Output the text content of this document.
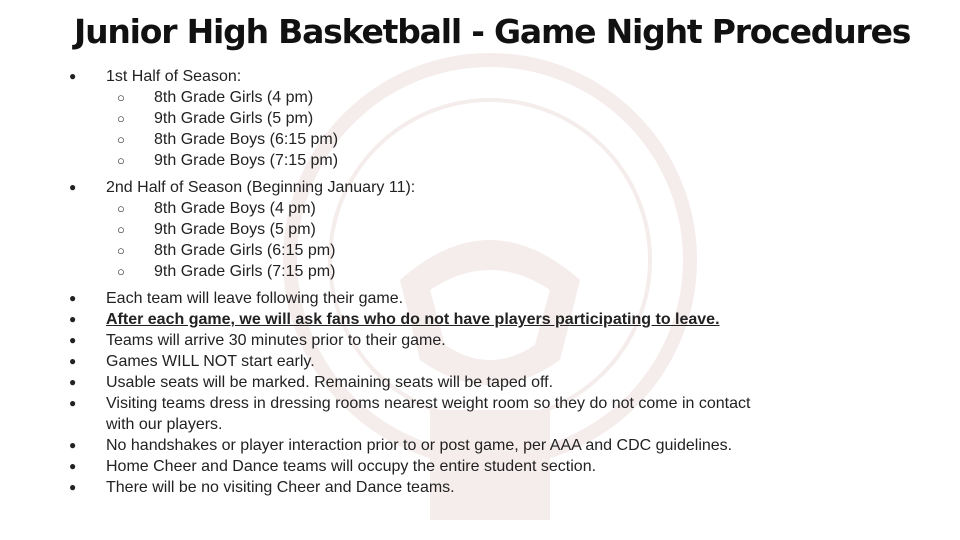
Junior High Basketball - Game Night Procedures
● 1st Half of Season:
○ 8th Grade Girls (4 pm)
○ 9th Grade Girls (5 pm)
○ 8th Grade Boys (6:15 pm)
○ 9th Grade Boys (7:15 pm)
● 2nd Half of Season (Beginning January 11):
○ 8th Grade Boys (4 pm)
○ 9th Grade Boys (5 pm)
○ 8th Grade Girls (6:15 pm)
○ 9th Grade Girls (7:15 pm)
● Each team will leave following their game.
● After each game, we will ask fans who do not have players participating to leave.
● Teams will arrive 30 minutes prior to their game.
● Games WILL NOT start early.
● Usable seats will be marked. Remaining seats will be taped off.
● Visiting teams dress in dressing rooms nearest weight room so they do not come in contact
with our players.
● No handshakes or player interaction prior to or post game, per AAA and CDC guidelines.
● Home Cheer and Dance teams will occupy the entire student section.
● There will be no visiting Cheer and Dance teams.
